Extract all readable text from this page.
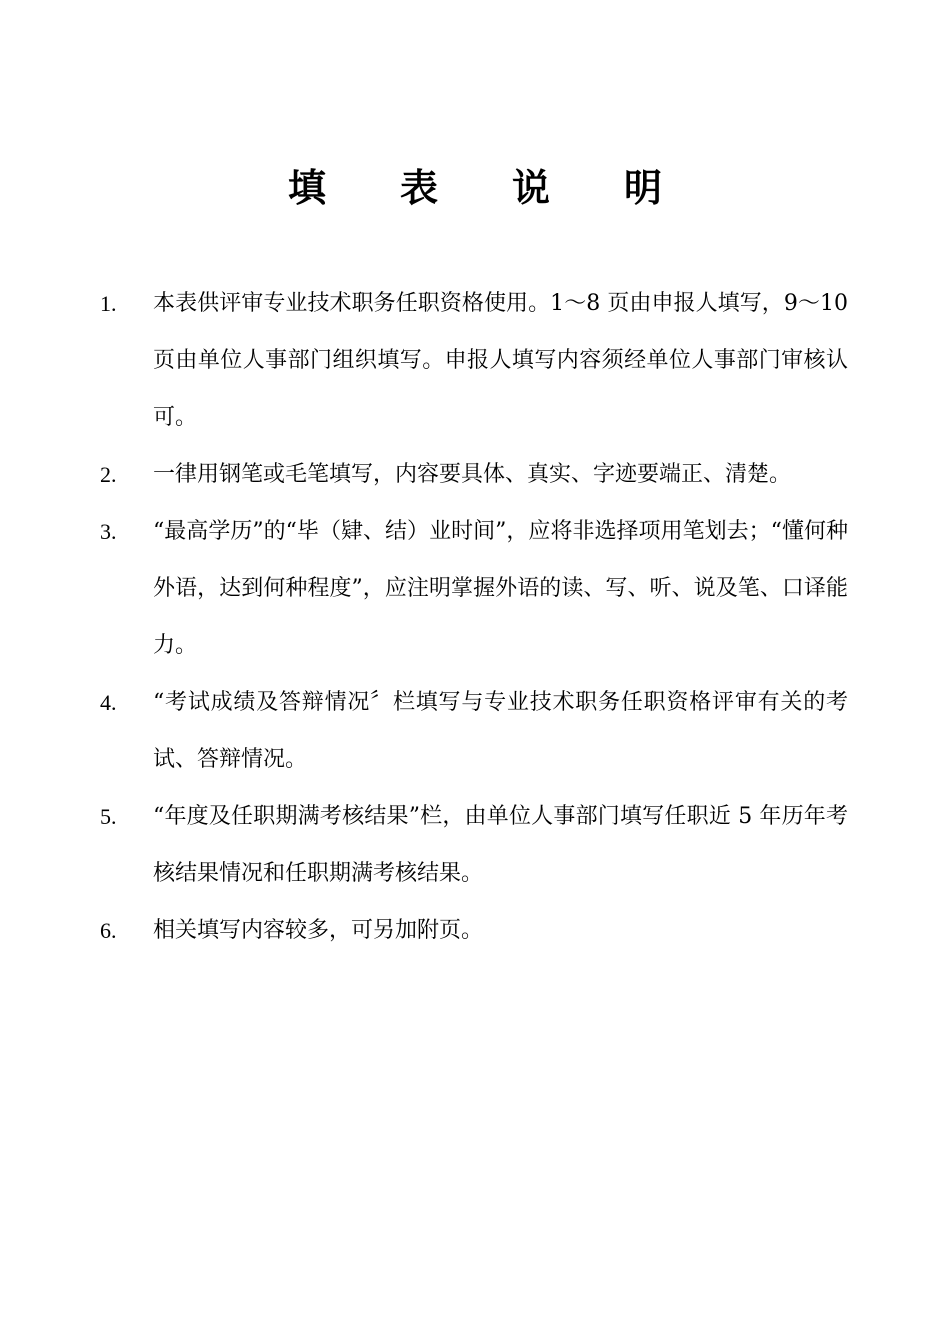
填表说明
1.	本表供评审专业技术职务任职资格使用。1～8 页由申报人填写，9～10 页由单位人事部门组织填写。申报人填写内容须经单位人事部门审核认可。
2.	一律用钢笔或毛笔填写，内容要具体、真实、字迹要端正、清楚。
3.	“最高学历”的“毕（肄、结）业时间”，应将非选择项用笔划去；“懂何种外语，达到何种程度”，应注明掌握外语的读、写、听、说及笔、口译能力。
4.	“考试成绩及答辩情况〞栏填写与专业技术职务任职资格评审有关的考试、答辩情况。
5.	“年度及任职期满考核结果”栏，由单位人事部门填写任职近 5 年历年考核结果情况和任职期满考核结果。
6.	相关填写内容较多，可另加附页。
